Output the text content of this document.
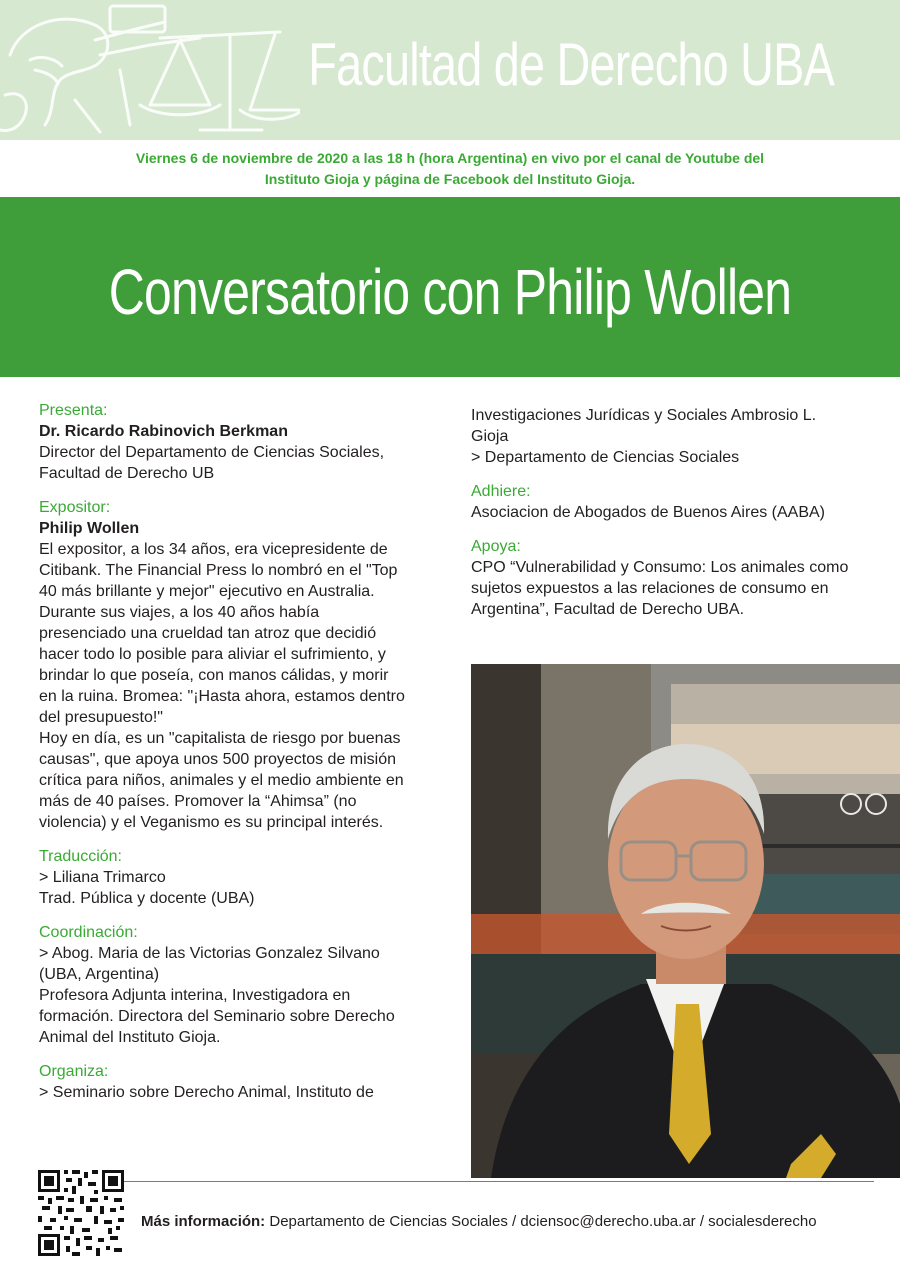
Facultad de Derecho UBA
Viernes 6 de noviembre de 2020 a las 18 h (hora Argentina) en vivo por el canal de Youtube del
Instituto Gioja y página de Facebook del Instituto Gioja.
Conversatorio con Philip Wollen

Presenta:

Dr. Ricardo Rabinovich Berkman

Director del Departamento de Ciencias Sociales,

Facultad de Derecho UB

Expositor:

Philip Wollen

El expositor, a los 34 años, era vicepresidente de

Citibank. The Financial Press lo nombró en el "Top

40 más brillante y mejor" ejecutivo en Australia.

Durante sus viajes, a los 40 años había

presenciado una crueldad tan atroz que decidió

hacer todo lo posible para aliviar el sufrimiento, y

brindar lo que poseía, con manos cálidas, y morir

en la ruina. Bromea: "¡Hasta ahora, estamos dentro

del presupuesto!"

Hoy en día, es un "capitalista de riesgo por buenas

causas", que apoya unos 500 proyectos de misión

crítica para niños, animales y el medio ambiente en

más de 40 países. Promover la “Ahimsa” (no

violencia) y el Veganismo es su principal interés.

Traducción:

> Liliana Trimarco

Trad. Pública y docente (UBA)

Coordinación:

> Abog. Maria de las Victorias Gonzalez Silvano

(UBA, Argentina)

Profesora Adjunta interina, Investigadora en

formación. Directora del Seminario sobre Derecho

Animal del Instituto Gioja.

Organiza:

> Seminario sobre Derecho Animal, Instituto de

Investigaciones Jurídicas y Sociales Ambrosio L.

Gioja

> Departamento de Ciencias Sociales

Adhiere:

Asociacion de Abogados de Buenos Aires (AABA)

Apoya:

CPO “Vulnerabilidad y Consumo: Los animales como

sujetos expuestos a las relaciones de consumo en

Argentina”, Facultad de Derecho UBA.

Más información: Departamento de Ciencias Sociales / dciensoc@derecho.uba.ar / socialesderecho
